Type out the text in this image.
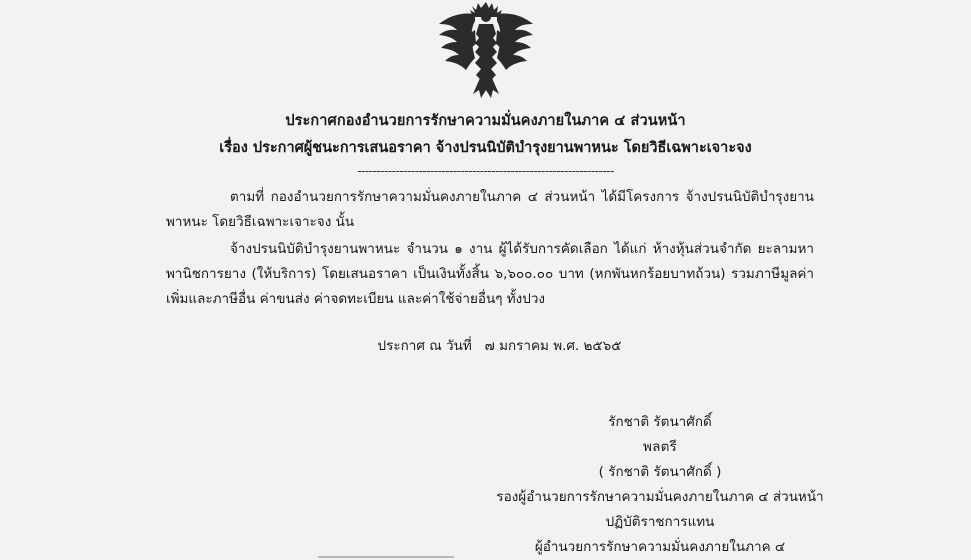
ประกาศกองอำนวยการรักษาความมั่นคงภายในภาค ๔ ส่วนหน้า
เรื่อง ประกาศผู้ชนะการเสนอราคา จ้างปรนนิบัติบำรุงยานพาหนะ โดยวิธีเฉพาะเจาะจง
-------------------------------------------------------------------

ตามที่ กองอำนวยการรักษาความมั่นคงภายในภาค ๔ ส่วนหน้า ได้มีโครงการ จ้างปรนนิบัติบำรุงยานพาหนะ โดยวิธีเฉพาะเจาะจง นั้น

จ้างปรนนิบัติบำรุงยานพาหนะ จำนวน ๑ งาน ผู้ได้รับการคัดเลือก ได้แก่ ห้างหุ้นส่วนจำกัด ยะลามหาพานิชการยาง (ให้บริการ) โดยเสนอราคา เป็นเงินทั้งสิ้น ๖,๖๐๐.๐๐ บาท (หกพันหกร้อยบาทถ้วน) รวมภาษีมูลค่าเพิ่มและภาษีอื่น ค่าขนส่ง ค่าจดทะเบียน และค่าใช้จ่ายอื่นๆ ทั้งปวง

ประกาศ ณ วันที่ ๗ มกราคม พ.ศ. ๒๕๖๕
รักชาติ รัตนาศักดิ์
พลตรี
( รักชาติ รัตนาศักดิ์ )
รองผู้อำนวยการรักษาความมั่นคงภายในภาค ๔ ส่วนหน้า
ปฏิบัติราชการแทน
ผู้อำนวยการรักษาความมั่นคงภายในภาค ๔
